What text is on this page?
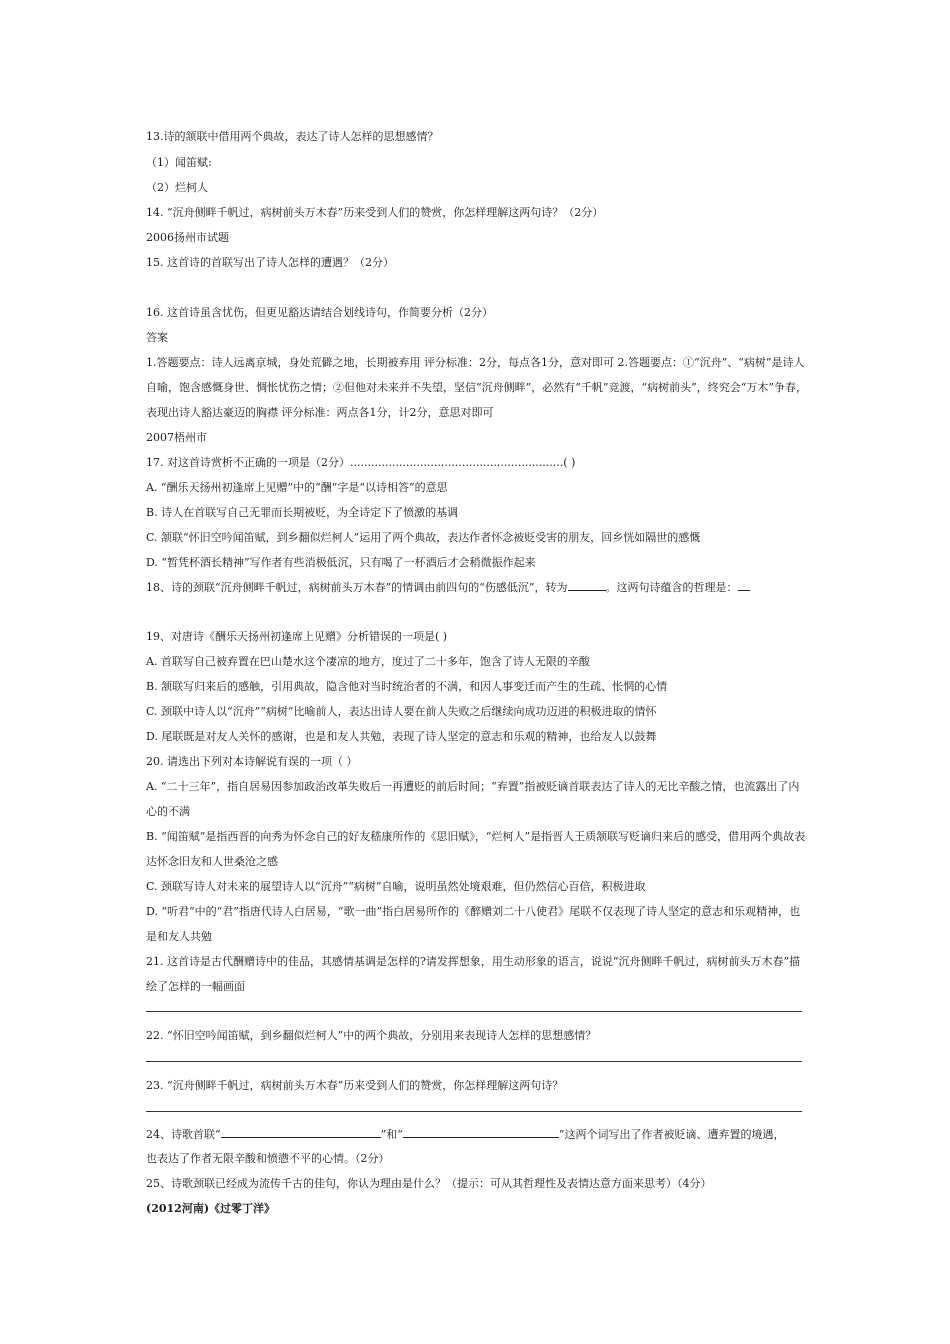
13.诗的颔联中借用两个典故，表达了诗人怎样的思想感情？
（1）闻笛赋:
（2）烂柯人
14. “沉舟侧畔千帆过，病树前头万木春”历来受到人们的赞赏，你怎样理解这两句诗？（2分）
2006扬州市试题
15. 这首诗的首联写出了诗人怎样的遭遇？（2分）
16. 这首诗虽含忧伤，但更见豁达请结合划线诗句，作简要分析（2分）
答案
1.答题要点：诗人远离京城，身处荒僻之地，长期被弃用 评分标准：2分，每点各1分，意对即可 2.答题要点：①“沉舟”、“病树”是诗人自喻，饱含感慨身世、惆怅忧伤之情；②但他对未来并不失望，坚信“沉舟侧畔”，必然有“千帆”竞渡，“病树前头”，终究会“万木”争春，表现出诗人豁达豪迈的胸襟 评分标准：两点各1分，计2分，意思对即可
2007梧州市
17. 对这首诗赏析不正确的一项是（2分）.............................................................( )
A. “酬乐天扬州初逢席上见赠”中的“酬”字是“以诗相答”的意思
B. 诗人在首联写自己无罪而长期被贬，为全诗定下了愤激的基调
C. 颔联“怀旧空吟闻笛赋，到乡翻似烂柯人”运用了两个典故，表达作者怀念被贬受害的朋友，回乡恍如隔世的感慨
D. “暂凭杯酒长精神”写作者有些消极低沉，只有喝了一杯酒后才会稍微振作起来
18、诗的颈联“沉舟侧畔千帆过，病树前头万木春”的情调由前四句的“伤感低沉”，转为	。这两句诗蕴含的哲理是：
19、对唐诗《酬乐天扬州初逢席上见赠》分析错误的一项是( )
A. 首联写自己被弃置在巴山楚水这个凄凉的地方，度过了二十多年，饱含了诗人无限的辛酸
B. 颔联写归来后的感触，引用典故，隐含他对当时统治者的不满，和因人事变迁而产生的生疏、怅惘的心情
C. 颈联中诗人以“沉舟”“病树”比喻前人，表达出诗人要在前人失败之后继续向成功迈进的积极进取的情怀
D. 尾联既是对友人关怀的感谢，也是和友人共勉，表现了诗人坚定的意志和乐观的精神，也给友人以鼓舞
20. 请选出下列对本诗解说有误的一项（ ）
A. “二十三年”，指自居易因参加政治改革失败后一再遭贬的前后时间；“弃置”指被贬谪首联表达了诗人的无比辛酸之情，也流露出了内心的不满
B. “闻笛赋”是指西晋的向秀为怀念自己的好友嵇康所作的《思旧赋》，“烂柯人”是指晋人王质颔联写贬谪归来后的感受，借用两个典故表达怀念旧友和人世桑沧之感
C. 颈联写诗人对未来的展望诗人以“沉舟”“病树”自喻，说明虽然处境艰难，但仍然信心百倍，积极进取
D. “听君”中的“君”指唐代诗人白居易，“歌一曲”指白居易所作的《醉赠刘二十八使君》尾联不仅表现了诗人坚定的意志和乐观精神，也是和友人共勉
21. 这首诗是古代酬赠诗中的佳品，其感情基调是怎样的?请发挥想象，用生动形象的语言，说说“沉舟侧畔千帆过，病树前头万木春”描绘了怎样的一幅画面
22. “怀旧空吟闻笛赋，到乡翻似烂柯人”中的两个典故，分别用来表现诗人怎样的思想感情？
23. “沉舟侧畔千帆过，病树前头万木春”历来受到人们的赞赏，你怎样理解这两句诗？
24、诗歌首联“	”和“	”这两个词写出了作者被贬谪、遭弃置的境遇，
也表达了作者无限辛酸和愤懑不平的心情。（2分）
25、诗歌颈联已经成为流传千古的佳句，你认为理由是什么？（提示：可从其哲理性及表情达意方面来思考）（4分）
(2012河南)《过零丁洋》
